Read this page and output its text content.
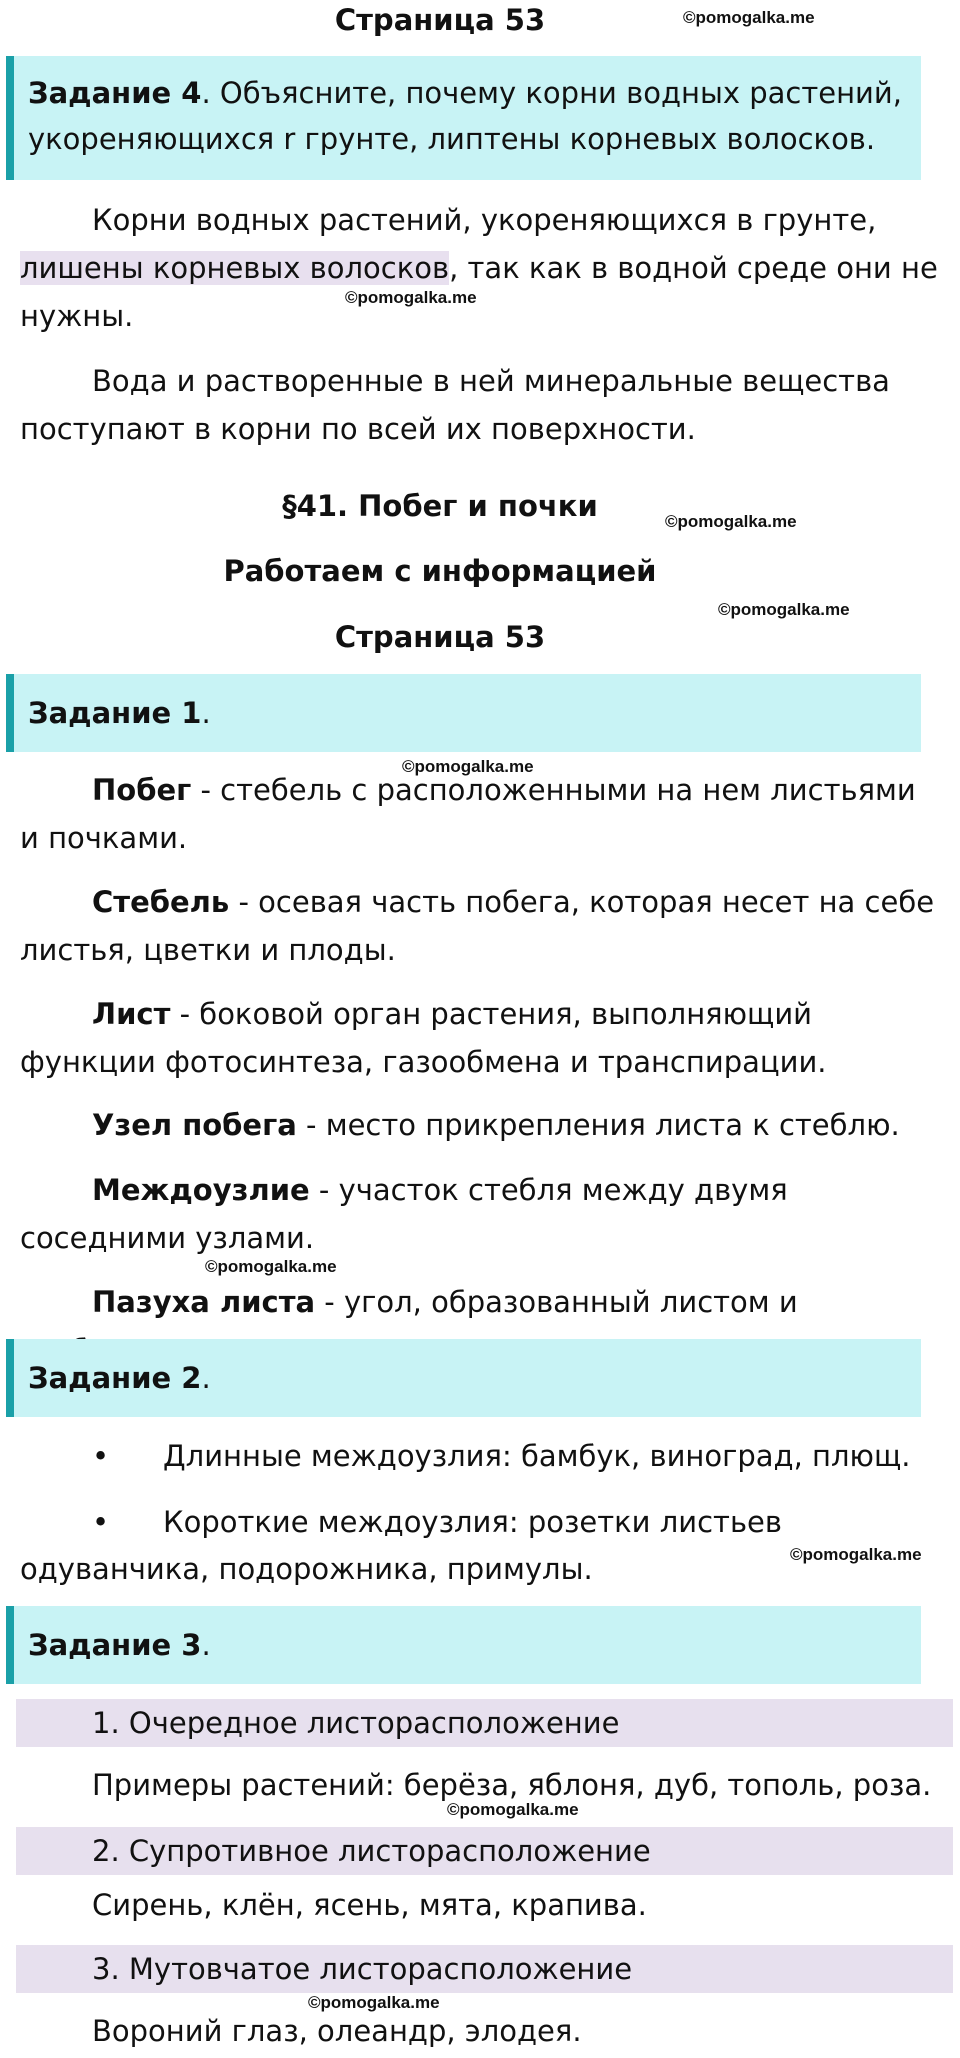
Страница 53	©pomogalka.me
Задание 4. Объясните, почему корни водных растений, укореняющихся r грунте, липтены корневых волосков.
Корни водных растений, укореняющихся в грунте, лишены корневых волосков, так как в водной среде они не нужны.
©pomogalka.me
Вода и растворенные в ней минеральные вещества поступают в корни по всей их поверхности.
§41. Побег и почки	©pomogalka.me
Работаем с информацией
©pomogalka.me
Страница 53
Задание 1.
©pomogalka.me
Побег - стебель с расположенными на нем листьями и почками.
Стебель - осевая часть побега, которая несет на себе листья, цветки и плоды.
Лист - боковой орган растения, выполняющий функции фотосинтеза, газообмена и транспирации.
Узел побега - место прикрепления листа к стеблю.
Междоузлие - участок стебля между двумя соседними узлами.
©pomogalka.me
Пазуха листа - угол, образованный листом и
Задание 2.
• Длинные междоузлия: бамбук, виноград, плющ.
• Короткие междоузлия: розетки листьев
одуванчика, подорожника, примулы.	©pomogalka.me
Задание 3.
1. Очередное листорасположение
Примеры растений: берёза, яблоня, дуб, тополь, роза.
©pomogalka.me
2. Супротивное листорасположение
Сирень, клён, ясень, мята, крапива.
3. Мутовчатое листорасположение
©pomogalka.me
Вороний глаз, олеандр, элодея.
